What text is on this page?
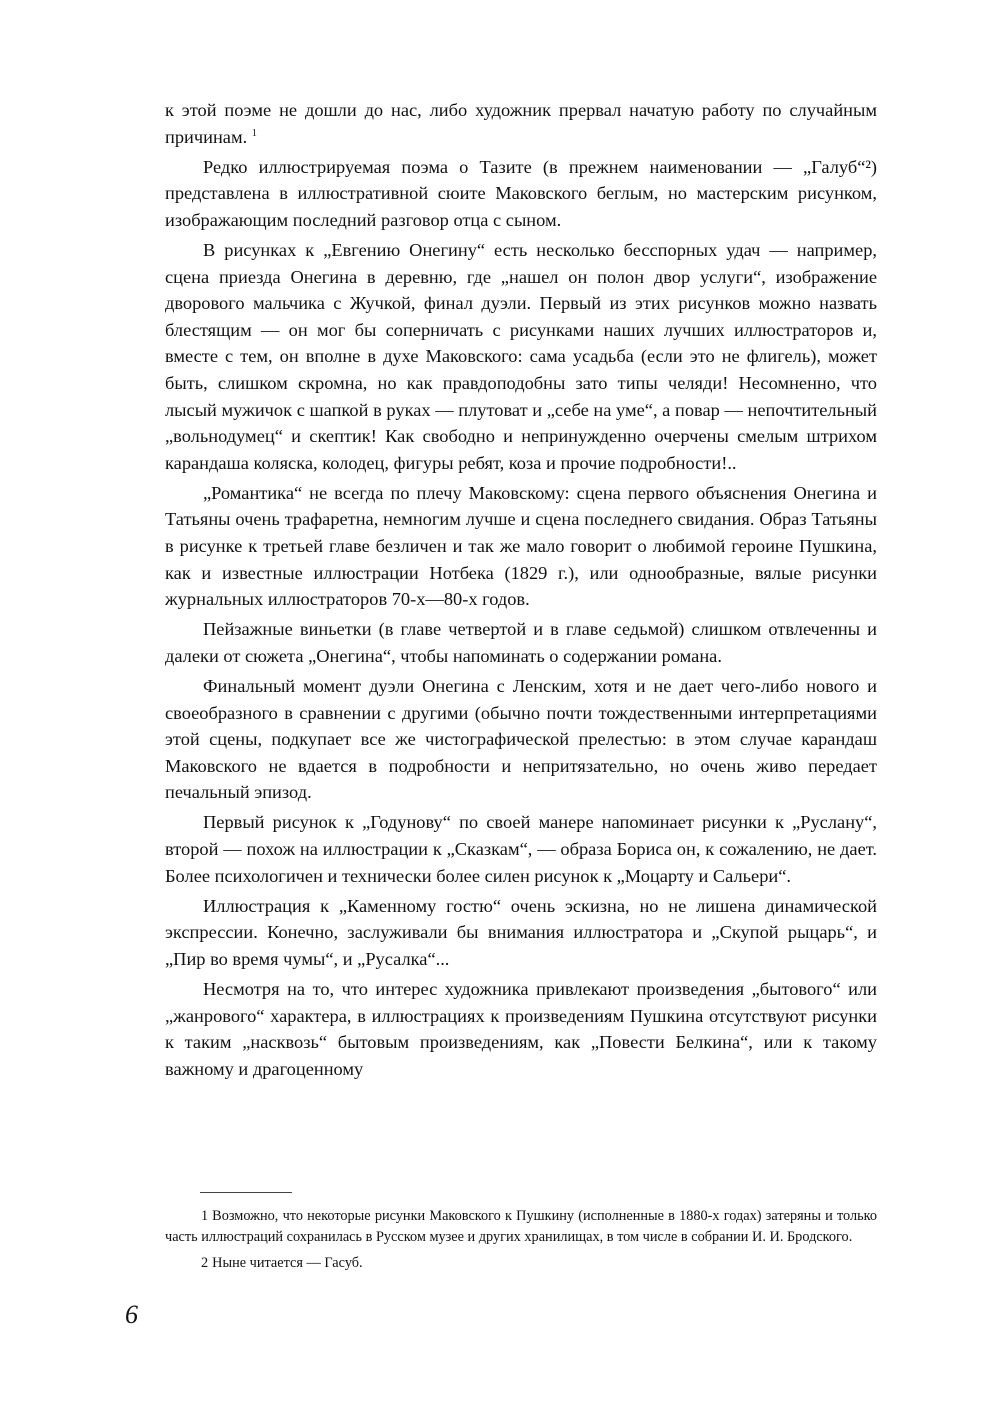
к этой поэме не дошли до нас, либо художник прервал начатую работу по случайным причинам. $^1$

Редко иллюстрируемая поэма о Тазите (в прежнем наименовании — „Галуб“²) представлена в иллюстративной сюите Маковского беглым, но мастерским рисунком, изображающим последний разговор отца с сыном.

В рисунках к „Евгению Онегину“ есть несколько бесспорных удач — например, сцена приезда Онегина в деревню, где „нашел он полон двор услуги“, изображение дворового мальчика с Жучкой, финал дуэли. Первый из этих рисунков можно назвать блестящим — он мог бы соперничать с рисунками наших лучших иллюстраторов и, вместе с тем, он вполне в духе Маковского: сама усадьба (если это не флигель), может быть, слишком скромна, но как правдоподобны зато типы челяди! Несомненно, что лысый мужичок с шапкой в руках — плутоват и „себе на уме“, а повар — непочтительный „вольнодумец“ и скептик! Как свободно и непринужденно очерчены смелым штрихом карандаша коляска, колодец, фигуры ребят, коза и прочие подробности!..

„Романтика“ не всегда по плечу Маковскому: сцена первого объяснения Онегина и Татьяны очень трафаретна, немногим лучше и сцена последнего свидания. Образ Татьяны в рисунке к третьей главе безличен и так же мало говорит о любимой героине Пушкина, как и известные иллюстрации Нотбека (1829 г.), или однообразные, вялые рисунки журнальных иллюстраторов 70-х—80-х годов.

Пейзажные виньетки (в главе четвертой и в главе седьмой) слишком отвлеченны и далеки от сюжета „Онегина“, чтобы напоминать о содержании романа.

Финальный момент дуэли Онегина с Ленским, хотя и не дает чего-либо нового и своеобразного в сравнении с другими (обычно почти тождественными интерпретациями этой сцены, подкупает все же чистографической прелестью: в этом случае карандаш Маковского не вдается в подробности и непритязательно, но очень живо передает печальный эпизод.

Первый рисунок к „Годунову“ по своей манере напоминает рисунки к „Руслану“, второй — похож на иллюстрации к „Сказкам“, — образа Бориса он, к сожалению, не дает. Более психологичен и технически более силен рисунок к „Моцарту и Сальери“.

Иллюстрация к „Каменному гостю“ очень эскизна, но не лишена динамической экспрессии. Конечно, заслуживали бы внимания иллюстратора и „Скупой рыцарь“, и „Пир во время чумы“, и „Русалка“...

Несмотря на то, что интерес художника привлекают произведения „бытового“ или „жанрового“ характера, в иллюстрациях к произведениям Пушкина отсутствуют рисунки к таким „насквозь“ бытовым произведениям, как „Повести Белкина“, или к такому важному и драгоценному

1 Возможно, что некоторые рисунки Маковского к Пушкину (исполненные в 1880-х годах) затеряны и только часть иллюстраций сохранилась в Русском музее и других хранилищах, в том числе в собрании И. И. Бродского.

2 Ныне читается — Гасуб.

6
